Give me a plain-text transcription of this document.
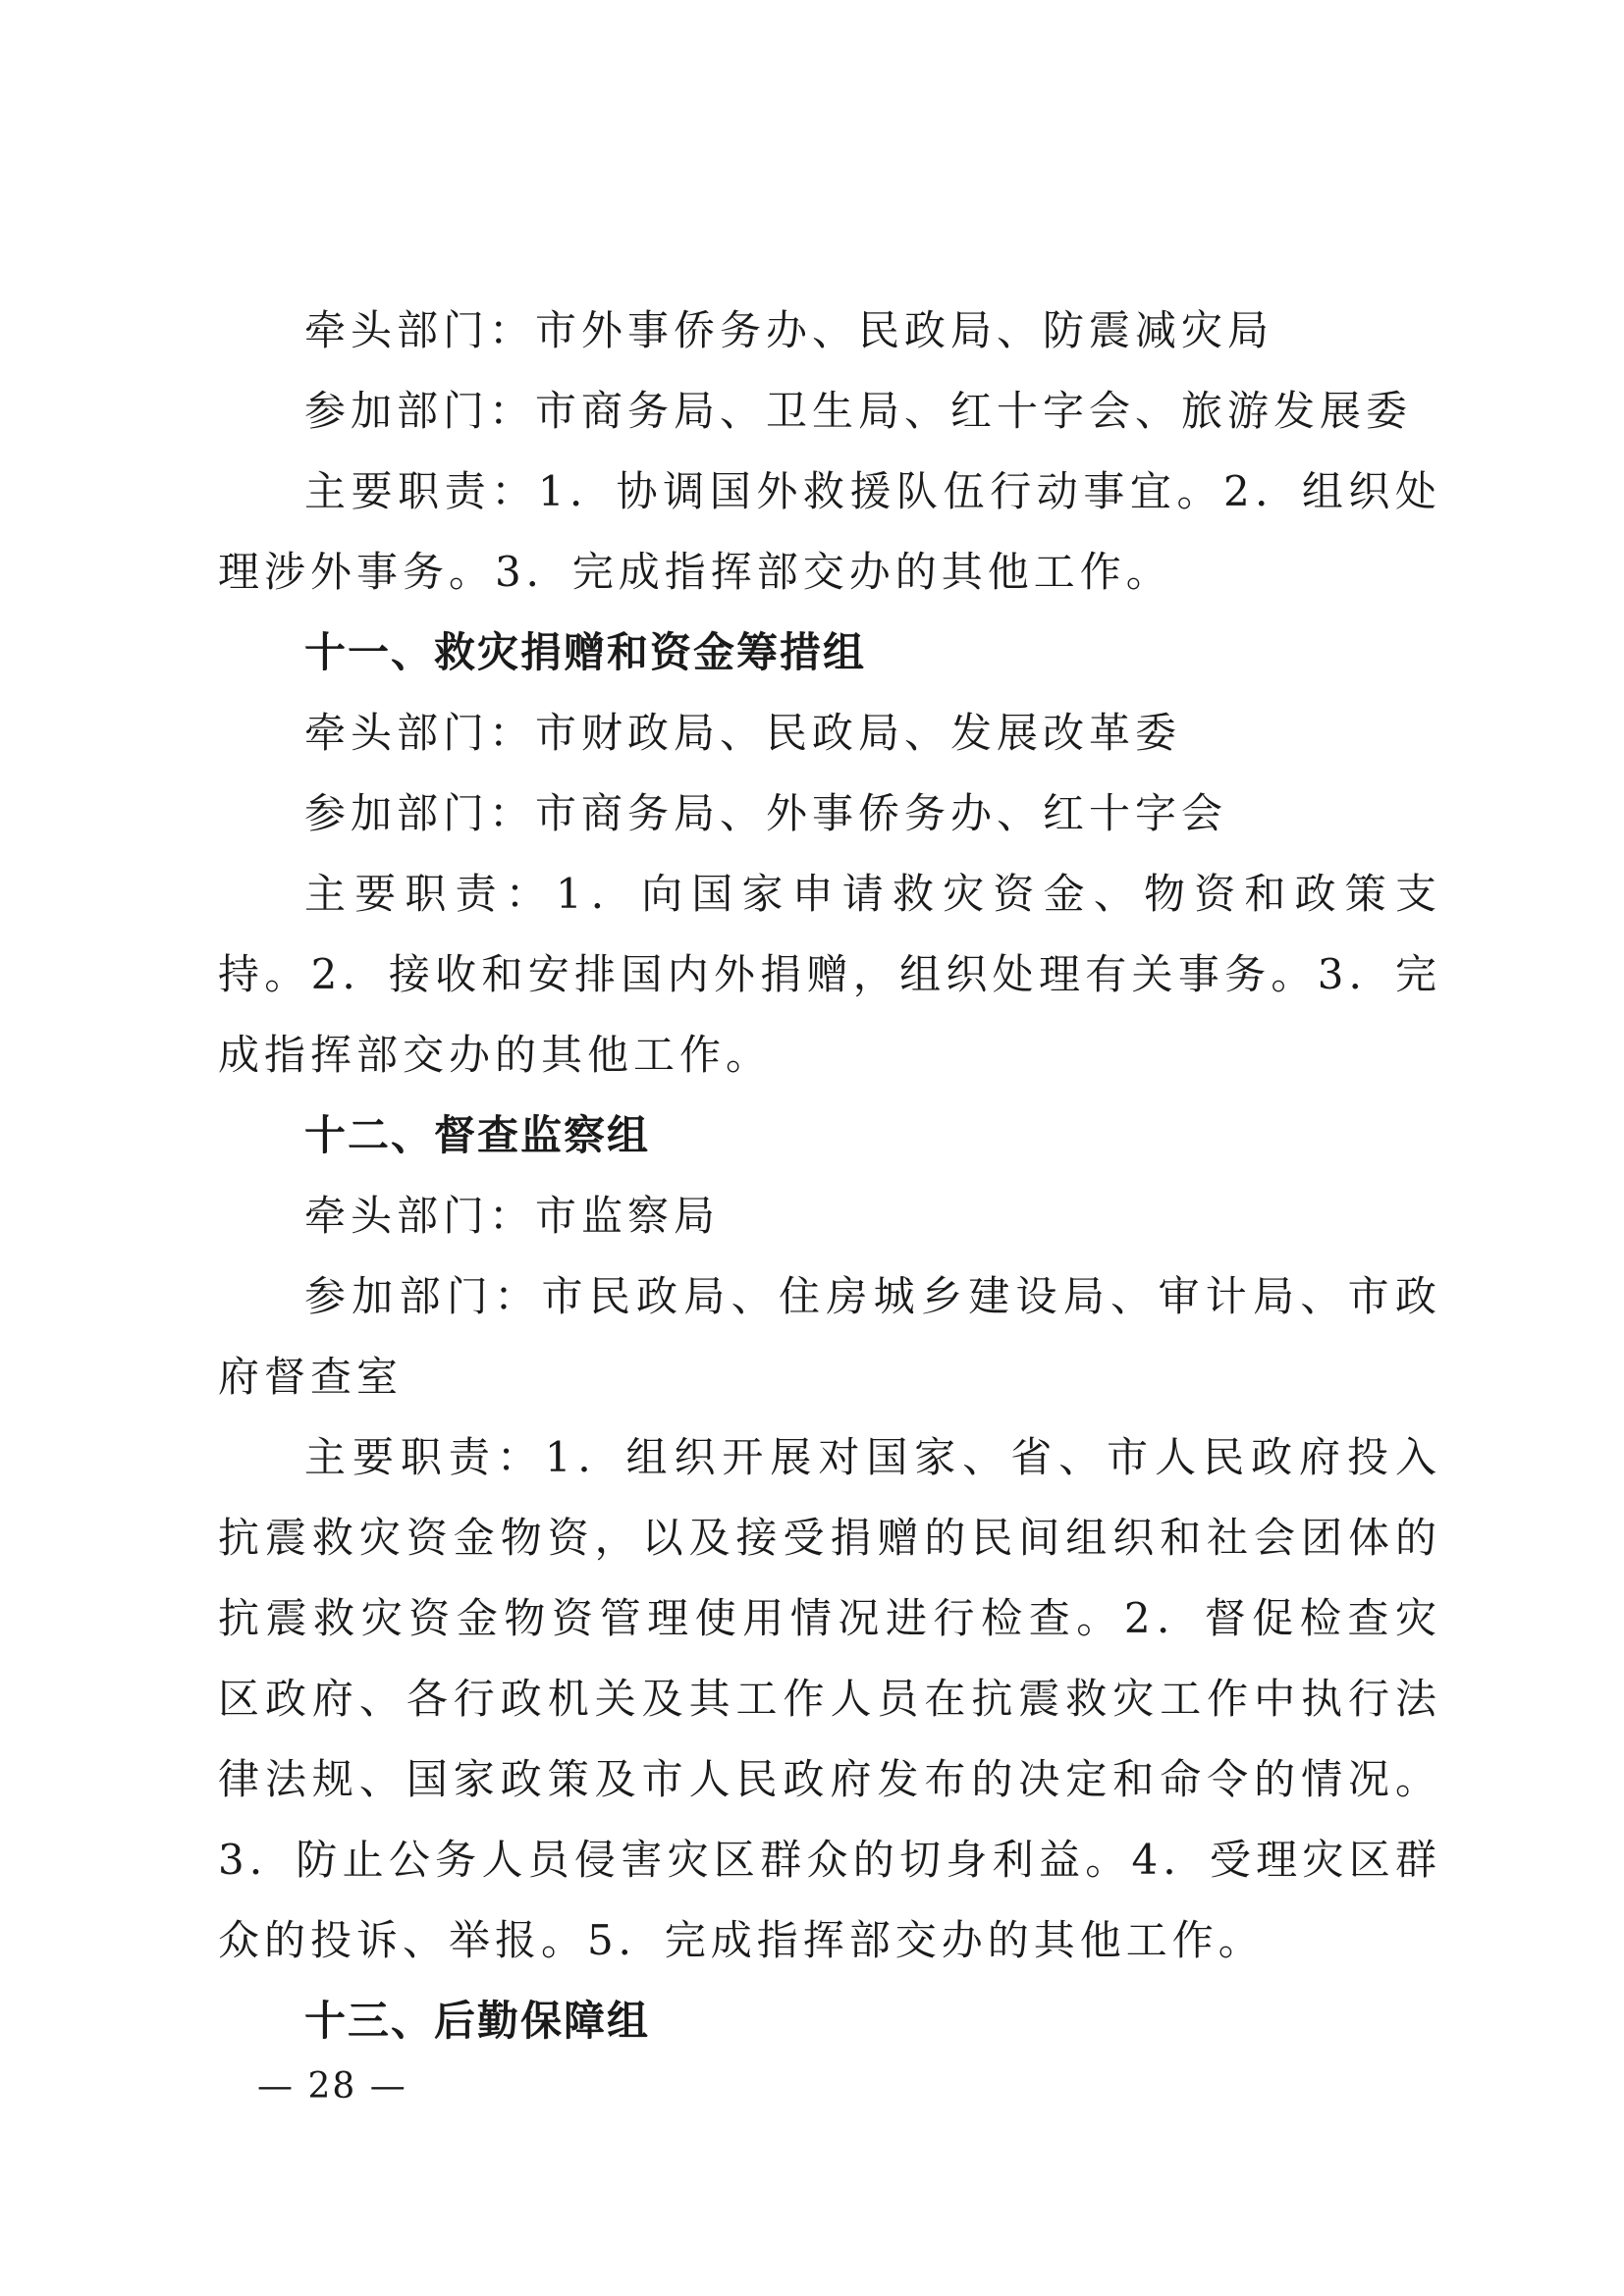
牵头部门：市外事侨务办、民政局、防震减灾局

参加部门：市商务局、卫生局、红十字会、旅游发展委

主要职责：1．协调国外救援队伍行动事宜。2．组织处理涉外事务。3．完成指挥部交办的其他工作。

十一、救灾捐赠和资金筹措组

牵头部门：市财政局、民政局、发展改革委

参加部门：市商务局、外事侨务办、红十字会

主要职责：1．向国家申请救灾资金、物资和政策支持。2．接收和安排国内外捐赠，组织处理有关事务。3．完成指挥部交办的其他工作。

十二、督查监察组

牵头部门：市监察局

参加部门：市民政局、住房城乡建设局、审计局、市政府督查室

主要职责：1．组织开展对国家、省、市人民政府投入抗震救灾资金物资，以及接受捐赠的民间组织和社会团体的抗震救灾资金物资管理使用情况进行检查。2．督促检查灾区政府、各行政机关及其工作人员在抗震救灾工作中执行法律法规、国家政策及市人民政府发布的决定和命令的情况。3．防止公务人员侵害灾区群众的切身利益。4．受理灾区群众的投诉、举报。5．完成指挥部交办的其他工作。

十三、后勤保障组

— 28 —
